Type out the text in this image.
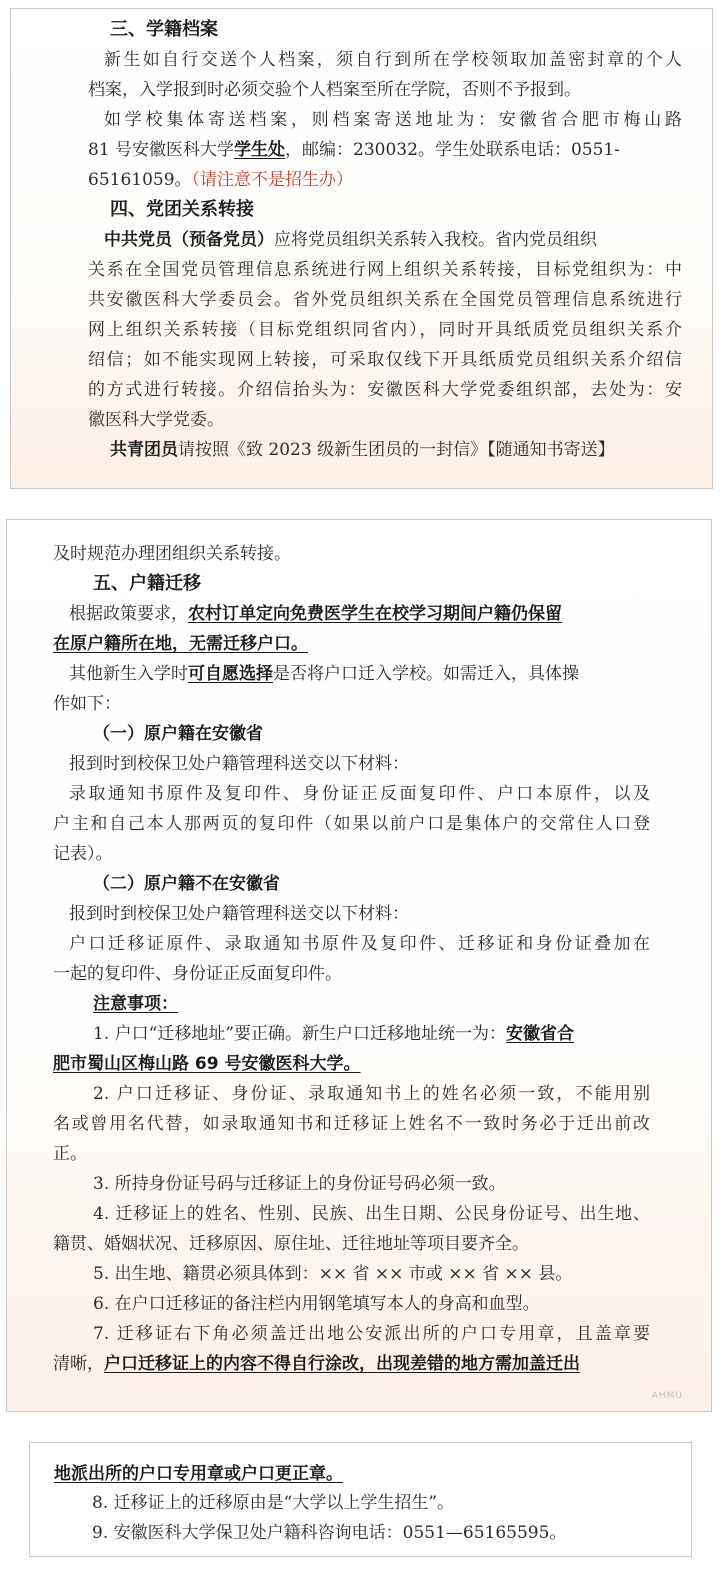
三、学籍档案
新生如自行交送个人档案，须自行到所在学校领取加盖密封章的个人
档案，入学报到时必须交验个人档案至所在学院，否则不予报到。
如学校集体寄送档案，则档案寄送地址为：安徽省合肥市梅山路
81 号安徽医科大学学生处，邮编：230032。学生处联系电话：0551-
65161059。（请注意不是招生办）
四、党团关系转接
中共党员（预备党员）应将党员组织关系转入我校。省内党员组织
关系在全国党员管理信息系统进行网上组织关系转接，目标党组织为：中
共安徽医科大学委员会。省外党员组织关系在全国党员管理信息系统进行
网上组织关系转接（目标党组织同省内），同时开具纸质党员组织关系介
绍信；如不能实现网上转接，可采取仅线下开具纸质党员组织关系介绍信
的方式进行转接。介绍信抬头为：安徽医科大学党委组织部，去处为：安
徽医科大学党委。
共青团员请按照《致 2023 级新生团员的一封信》【随通知书寄送】
及时规范办理团组织关系转接。
五、户籍迁移
根据政策要求，农村订单定向免费医学生在校学习期间户籍仍保留
在原户籍所在地，无需迁移户口。
其他新生入学时可自愿选择是否将户口迁入学校。如需迁入，具体操
作如下：
（一）原户籍在安徽省
报到时到校保卫处户籍管理科送交以下材料：
录取通知书原件及复印件、身份证正反面复印件、户口本原件，以及
户主和自己本人那两页的复印件（如果以前户口是集体户的交常住人口登
记表）。
（二）原户籍不在安徽省
报到时到校保卫处户籍管理科送交以下材料：
户口迁移证原件、录取通知书原件及复印件、迁移证和身份证叠加在
一起的复印件、身份证正反面复印件。
注意事项：
1. 户口“迁移地址”要正确。新生户口迁移地址统一为：安徽省合
肥市蜀山区梅山路 69 号安徽医科大学。
2. 户口迁移证、身份证、录取通知书上的姓名必须一致，不能用别
名或曾用名代替，如录取通知书和迁移证上姓名不一致时务必于迁出前改
正。
3. 所持身份证号码与迁移证上的身份证号码必须一致。
4. 迁移证上的姓名、性别、民族、出生日期、公民身份证号、出生地、
籍贯、婚姻状况、迁移原因、原住址、迁往地址等项目要齐全。
5. 出生地、籍贯必须具体到：×× 省 ×× 市或 ×× 省 ×× 县。
6. 在户口迁移证的备注栏内用钢笔填写本人的身高和血型。
7. 迁移证右下角必须盖迁出地公安派出所的户口专用章，且盖章要
清晰，户口迁移证上的内容不得自行涂改，出现差错的地方需加盖迁出
AHMU
地派出所的户口专用章或户口更正章。
8. 迁移证上的迁移原由是“大学以上学生招生”。
9. 安徽医科大学保卫处户籍科咨询电话：0551—65165595。
